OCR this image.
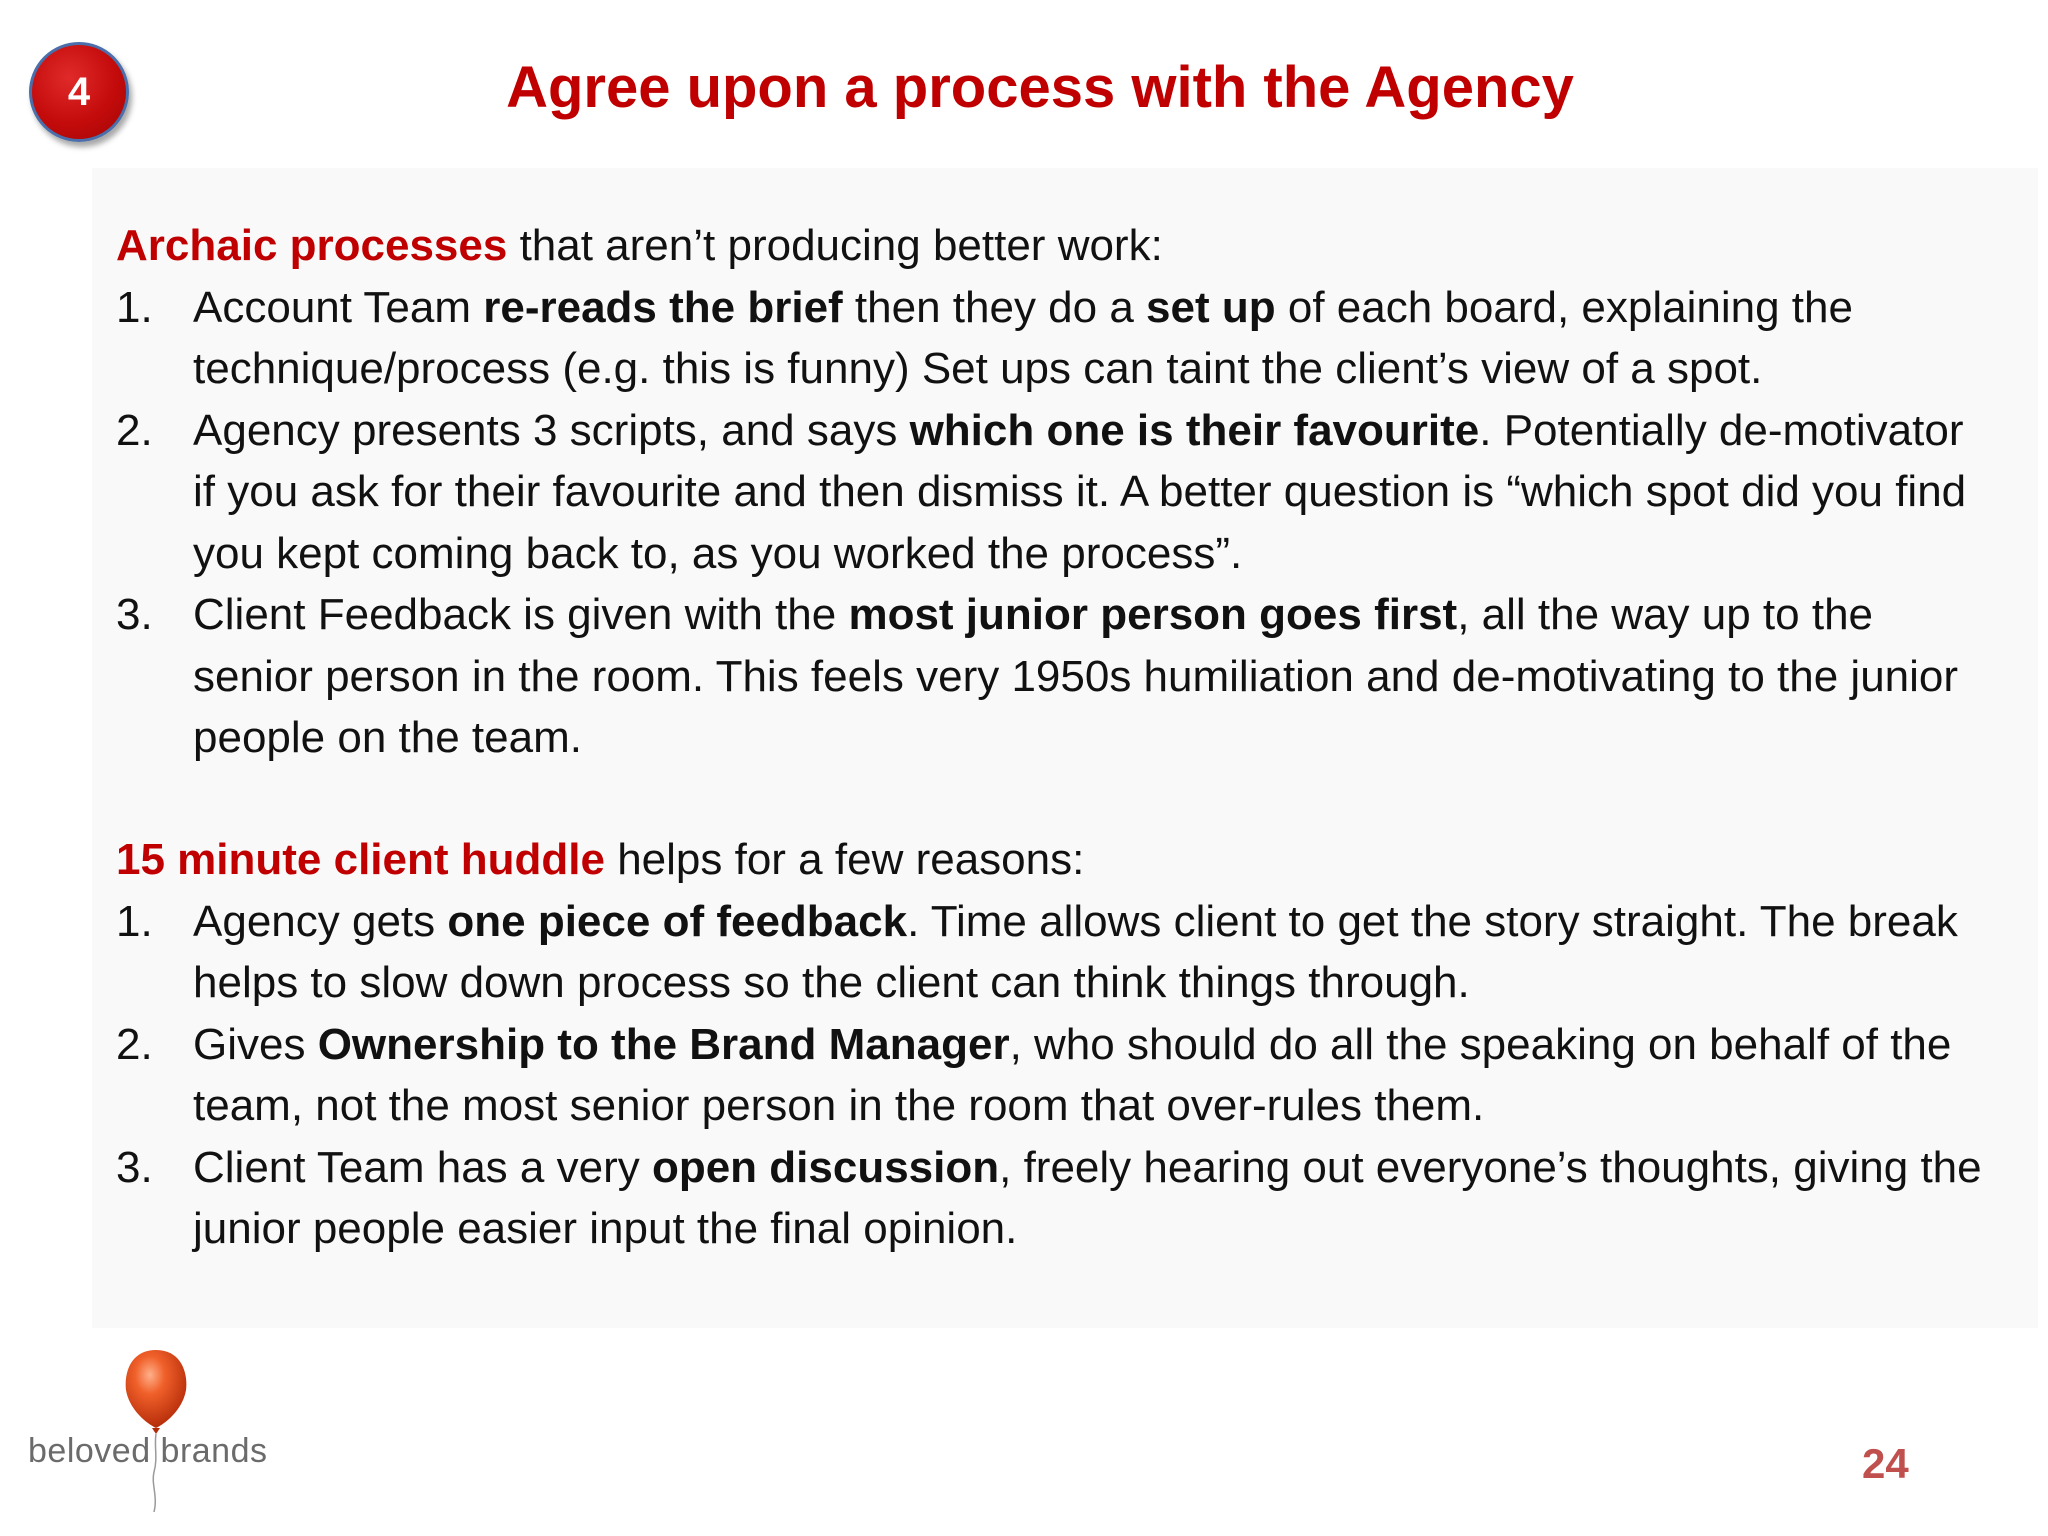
4	Agree upon a process with the Agency

Archaic processes that aren’t producing better work:

1. Account Team re-reads the brief then they do a set up of each board, explaining the technique/process (e.g. this is funny) Set ups can taint the client’s view of a spot.
2. Agency presents 3 scripts, and says which one is their favourite. Potentially de-motivator if you ask for their favourite and then dismiss it. A better question is “which spot did you find you kept coming back to, as you worked the process”.
3. Client Feedback is given with the most junior person goes first, all the way up to the senior person in the room. This feels very 1950s humiliation and de-motivating to the junior people on the team.

15 minute client huddle helps for a few reasons:

1. Agency gets one piece of feedback. Time allows client to get the story straight. The break helps to slow down process so the client can think things through.
2. Gives Ownership to the Brand Manager, who should do all the speaking on behalf of the team, not the most senior person in the room that over-rules them.
3. Client Team has a very open discussion, freely hearing out everyone’s thoughts, giving the junior people easier input the final opinion.
beloved brands	24
